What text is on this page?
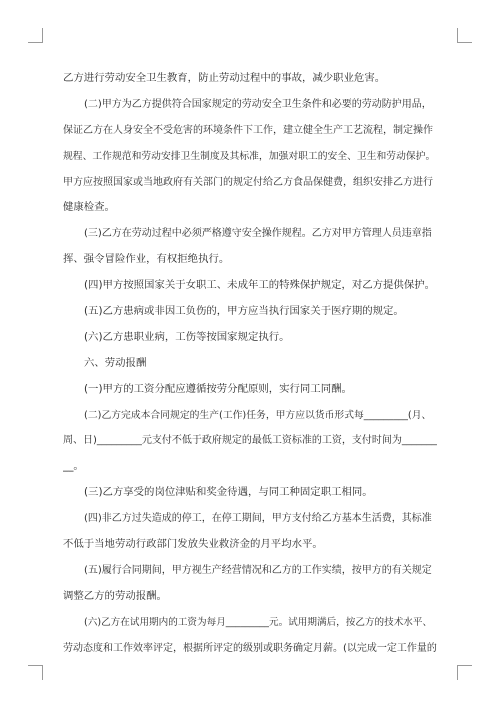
乙方进行劳动安全卫生教育，防止劳动过程中的事故，减少职业危害。
(二)甲方为乙方提供符合国家规定的劳动安全卫生条件和必要的劳动防护用品，
保证乙方在人身安全不受危害的环境条件下工作，建立健全生产工艺流程，制定操作
规程、工作规范和劳动安排卫生制度及其标准，加强对职工的安全、卫生和劳动保护。
甲方应按照国家或当地政府有关部门的规定付给乙方食品保健费，组织安排乙方进行
健康检查。
(三)乙方在劳动过程中必须严格遵守安全操作规程。乙方对甲方管理人员违章指
挥、强令冒险作业，有权拒绝执行。
(四)甲方按照国家关于女职工、未成年工的特殊保护规定，对乙方提供保护。
(五)乙方患病或非因工负伤的，甲方应当执行国家关于医疗期的规定。
(六)乙方患职业病，工伤等按国家规定执行。
六、劳动报酬
(一)甲方的工资分配应遵循按劳分配原则，实行同工同酬。
(二)乙方完成本合同规定的生产(工作)任务，甲方应以货币形式每_________(月、
周、日)_________元支付不低于政府规定的最低工资标准的工资，支付时间为_______
__。
(三)乙方享受的岗位津贴和奖金待遇，与同工种固定职工相同。
(四)非乙方过失造成的停工，在停工期间，甲方支付给乙方基本生活费，其标准
不低于当地劳动行政部门发放失业救济金的月平均水平。
(五)履行合同期间，甲方视生产经营情况和乙方的工作实绩，按甲方的有关规定
调整乙方的劳动报酬。
(六)乙方在试用期内的工资为每月_________元。试用期满后，按乙方的技术水平、
劳动态度和工作效率评定，根据所评定的级别或职务确定月薪。(以完成一定工作量的
